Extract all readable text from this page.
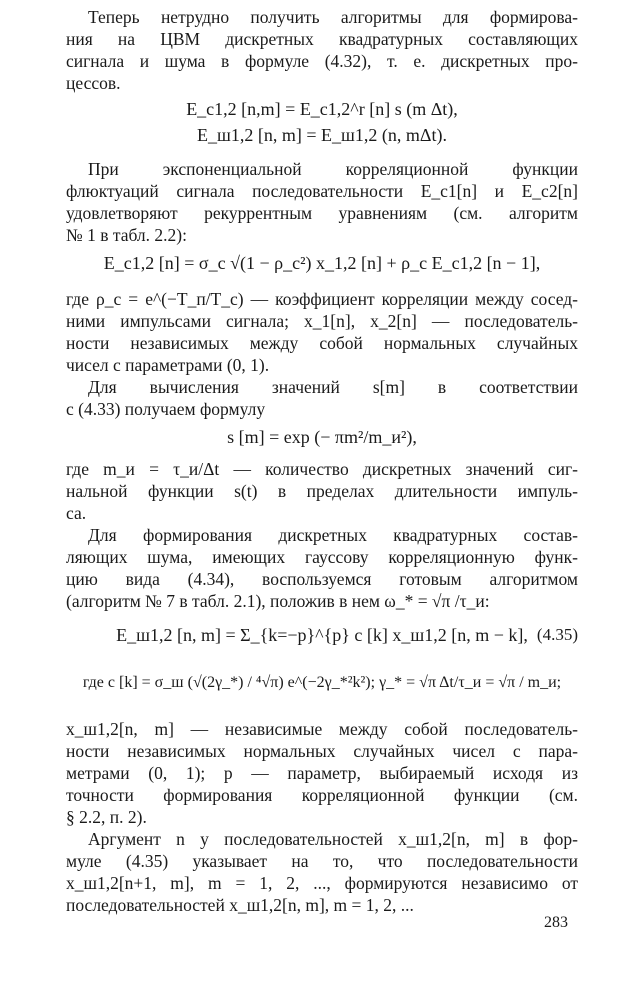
Теперь нетрудно получить алгоритмы для формирова-
ния на ЦВМ дискретных квадратурных составляющих
сигнала и шума в формуле (4.32), т. е. дискретных про-
цессов.
E_c1,2 [n,m] = E_c1,2^r [n] s (m Δt),
E_ш1,2 [n, m] = E_ш1,2 (n, mΔt).
При экспоненциальной корреляционной функции
флюктуаций сигнала последовательности E_c1[n] и E_c2[n]
удовлетворяют рекуррентным уравнениям (см. алгоритм
№ 1 в табл. 2.2):
E_c1,2 [n] = σ_c √(1 − ρ_c²) x_1,2 [n] + ρ_c E_c1,2 [n − 1],
где ρ_c = e^(−T_п/T_c) — коэффициент корреляции между сосед-
ними импульсами сигнала; x_1[n], x_2[n] — последователь-
ности независимых между собой нормальных случайных
чисел с параметрами (0, 1).
Для вычисления значений s[m] в соответствии
с (4.33) получаем формулу
s [m] = exp (− πm²/m_и²),
где m_и = τ_и/Δt — количество дискретных значений сиг-
нальной функции s(t) в пределах длительности импуль-
са.
Для формирования дискретных квадратурных состав-
ляющих шума, имеющих гауссову корреляционную функ-
цию вида (4.34), воспользуемся готовым алгоритмом
(алгоритм № 7 в табл. 2.1), положив в нем ω_* = √π /τ_и:
E_ш1,2 [n, m] = Σ_{k=−p}^{p} c [k] x_ш1,2 [n, m − k], (4.35)
где c [k] = σ_ш (√(2γ_*) / ⁴√π) e^(−2γ_*²k²); γ_* = √π Δt/τ_и = √π / m_и;
x_ш1,2[n, m] — независимые между собой последователь-
ности независимых нормальных случайных чисел с пара-
метрами (0, 1); p — параметр, выбираемый исходя из
точности формирования корреляционной функции (см.
§ 2.2, п. 2).
Аргумент n у последовательностей x_ш1,2[n, m] в фор-
муле (4.35) указывает на то, что последовательности
x_ш1,2[n+1, m], m = 1, 2, ..., формируются независимо от
последовательностей x_ш1,2[n, m], m = 1, 2, ...
283
